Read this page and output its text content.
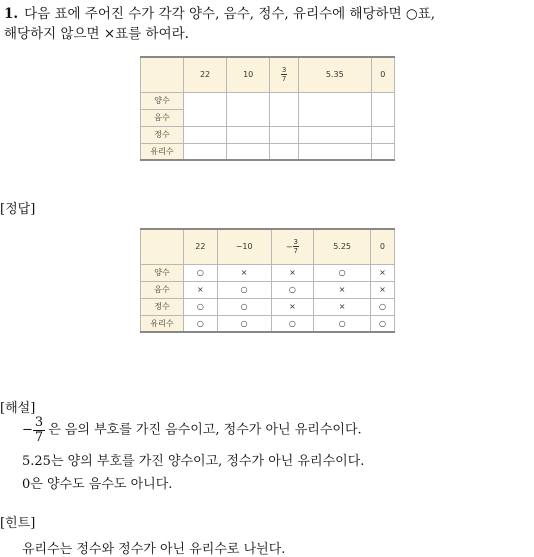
1. 다음 표에 주어진 수가 각각 양수, 음수, 정수, 유리수에 해당하면 ○표,
해당하지 않으면 ×표를 하여라.
	22	10	$\frac{3}{7}$	5.35	0
양수					
음수					
정수					
유리수					
[정답]
	22	−10	− $\frac{3}{7}$	5.25	0
양수	○	×	×	○	×
음수	×	○	○	×	×
정수	○	○	×	×	○
유리수	○	○	○	○	○
[해설]
− $\frac{3}{7}$ 은 음의 부호를 가진 음수이고, 정수가 아닌 유리수이다.
5.25는 양의 부호를 가진 양수이고, 정수가 아닌 유리수이다.
0은 양수도 음수도 아니다.
[힌트]
유리수는 정수와 정수가 아닌 유리수로 나뉜다.
